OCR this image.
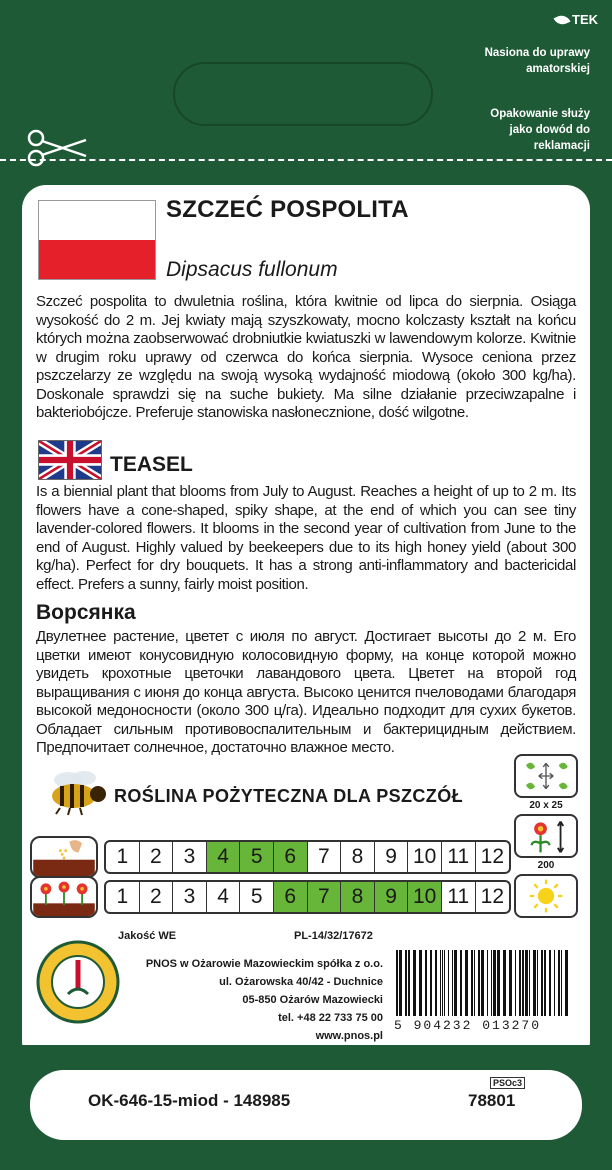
TEK
Nasiona do uprawy amatorskiej
Opakowanie służy jako dowód do reklamacji
SZCZEĆ POSPOLITA
Dipsacus fullonum
Szczeć pospolita to dwuletnia roślina, która kwitnie od lipca do sierpnia. Osiąga wysokość do 2 m. Jej kwiaty mają szyszkowaty, mocno kolczasty kształt na końcu których można zaobserwować drobniutkie kwiatuszki w lawendowym kolorze. Kwitnie w drugim roku uprawy od czerwca do końca sierpnia. Wysoce ceniona przez pszczelarzy ze względu na swoją wysoką wydajność miodową (około 300 kg/ha). Doskonale sprawdzi się na suche bukiety. Ma silne działanie przeciwzapalne i bakteriobójcze. Preferuje stanowiska nasłonecznione, dość wilgotne.
TEASEL
Is a biennial plant that blooms from July to August. Reaches a height of up to 2 m. Its flowers have a cone-shaped, spiky shape, at the end of which you can see tiny lavender-colored flowers. It blooms in the second year of cultivation from June to the end of August. Highly valued by beekeepers due to its high honey yield (about 300 kg/ha). Perfect for dry bouquets. It has a strong anti-inflammatory and bactericidal effect. Prefers a sunny, fairly moist position.
Ворсянка
Двулетнее растение, цветет с июля по август. Достигает высоты до 2 м. Его цветки имеют конусовидную колосовидную форму, на конце которой можно увидеть крохотные цветочки лавандового цвета. Цветет на второй год выращивания с июня до конца августа. Высоко ценится пчеловодами благодаря высокой медоносности (около 300 ц/га). Идеально подходит для сухих букетов. Обладает сильным противовоспалительным и бактерицидным действием. Предпочитает солнечное, достаточно влажное место.
ROŚLINA POŻYTECZNA DLA PSZCZÓŁ	20 x 25
200
1	2	3	4	5	6	7	8	9 10 11 12
1	2	3	4	5	6	7	8	9 10 11 12
Jakość WE	PL-14/32/17672
PNOS w Ożarowie Mazowieckim spółka z o.o.
ul. Ożarowska 40/42 - Duchnice
05-850 Ożarów Mazowiecki
tel. +48 22 733 75 00
www.pnos.pl
5 904232 013270
PSOc3
OK-646-15-miod - 148985	78801
